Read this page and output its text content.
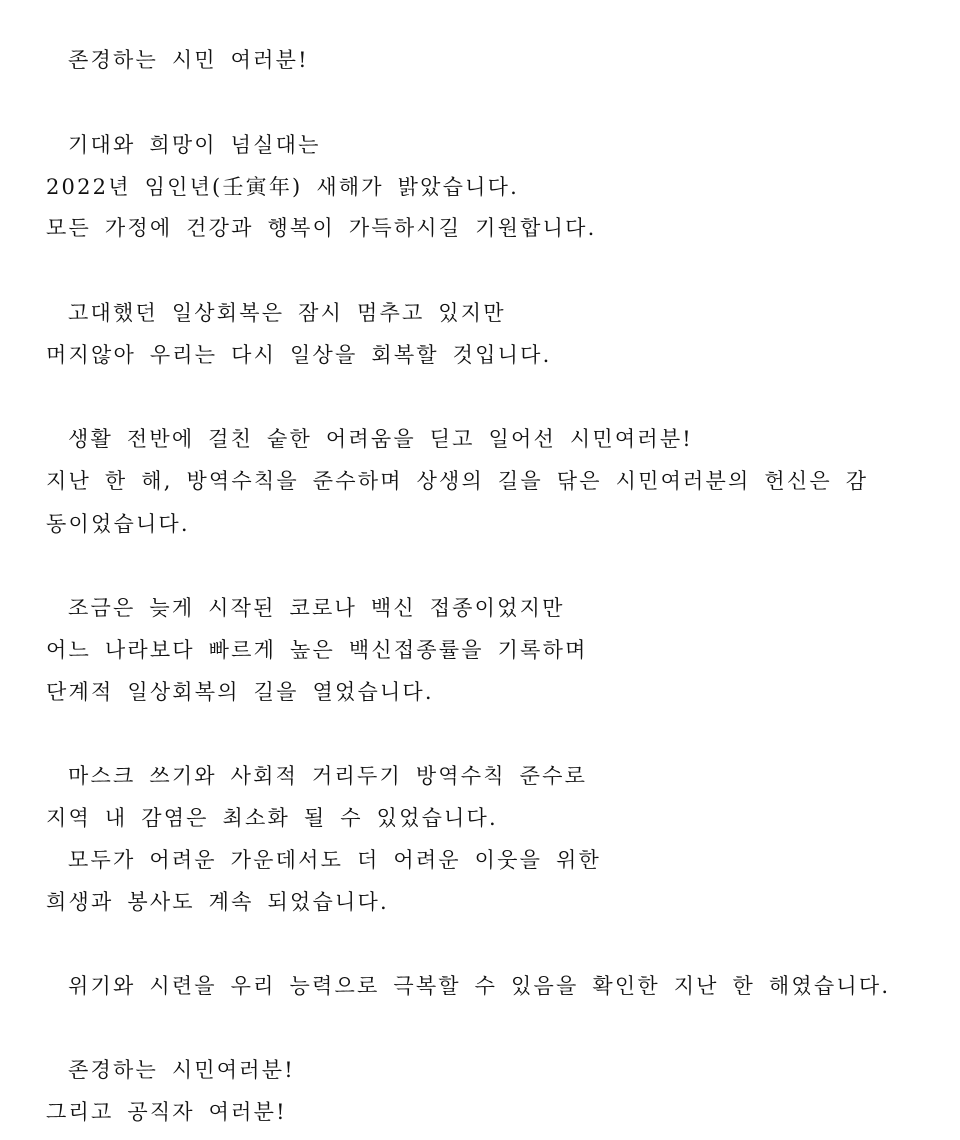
존경하는 시민 여러분!
기대와 희망이 넘실대는
2022년 임인년(壬寅年) 새해가 밝았습니다.
모든 가정에 건강과 행복이 가득하시길 기원합니다.
고대했던 일상회복은 잠시 멈추고 있지만
머지않아 우리는 다시 일상을 회복할 것입니다.
생활 전반에 걸친 숱한 어려움을 딛고 일어선 시민여러분!
지난 한 해, 방역수칙을 준수하며 상생의 길을 닦은 시민여러분의 헌신은 감
동이었습니다.
조금은 늦게 시작된 코로나 백신 접종이었지만
어느 나라보다 빠르게 높은 백신접종률을 기록하며
단계적 일상회복의 길을 열었습니다.
마스크 쓰기와 사회적 거리두기 방역수칙 준수로
지역 내 감염은 최소화 될 수 있었습니다.
모두가 어려운 가운데서도 더 어려운 이웃을 위한
희생과 봉사도 계속 되었습니다.
위기와 시련을 우리 능력으로 극복할 수 있음을 확인한 지난 한 해였습니다.
존경하는 시민여러분!
그리고 공직자 여러분!
